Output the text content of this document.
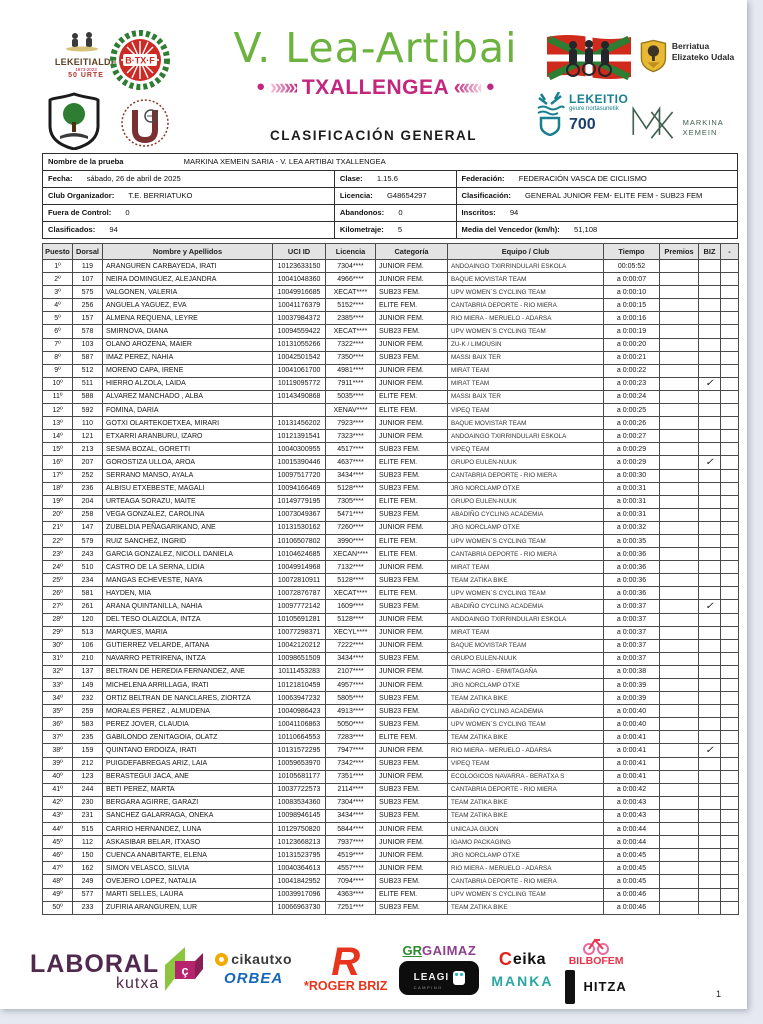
LEKEITIALDE
1973-2023
50 URTE
B·TX·F	V. Lea-Artibai
● »»» TXALLENGEA ««« ●
Berriatua Elizateko Udala
LEKEITIO
geure nortasunetik
700	MARKINA XEMEIN
CLASIFICACIÓN GENERAL
Nombre de la prueba MARKINA XEMEIN SARIA - V. LEA ARTIBAI TXALLENGEA		
Fecha: sábado, 26 de abril de 2025	Clase: 1.15.6	Federación: FEDERACIÓN VASCA DE CICLISMO
Club Organizador: T.E. BERRIATUKO	Licencia: G48654297	Clasificación: GENERAL JUNIOR FEM- ELITE FEM - SUB23 FEM
Fuera de Control: 0	Abandonos: 0	Inscritos: 94
Clasificados: 94	Kilometraje: 5	Media del Vencedor (km/h): 51,108
Puesto	Dorsal	Nombre y Apellidos	UCI ID	Licencia	Categoría	Equipo / Club	Tiempo	Premios	BIZ	-
1º	119	ARANGUREN CARBAYEDA, IRATI	10123633150	7304****	JUNIOR FEM.	ANDOAINGO TXIRRINDULARI ESKOLA	00:05:52			
2º	107	NEIRA DOMINGUEZ, ALEJANDRA	10041048360	4966****	JUNIOR FEM.	BAQUE MOVISTAR TEAM	a 0:00:07			
3º	575	VALGONEN, VALERIA	10049916685	XECAT****	SUB23 FEM.	UPV WOMEN´S CYCLING TEAM	a 0:00:10			
4º	256	ANGUELA YAGUEZ, EVA	10041176379	5152****	ELITE FEM.	CANTABRIA DEPORTE - RIO MIERA	a 0:00:15			
5º	157	ALMENA REQUENA, LEYRE	10037984372	2385****	JUNIOR FEM.	RIO MIERA - MERUELO - ADARSA	a 0:00:16			
6º	578	SMIRNOVA, DIANA	10094559422	XECAT****	SUB23 FEM.	UPV WOMEN´S CYCLING TEAM	a 0:00:19			
7º	103	OLANO AROZENA, MAIER	10131055266	7322****	JUNIOR FEM.	ZU-K / LIMOUSIN	a 0:00:20			
8º	587	IMAZ PEREZ, NAHIA	10042501542	7350****	SUB23 FEM.	MASSI BAIX TER	a 0:00:21			
9º	512	MORENO CAPA, IRENE	10041061700	4981****	JUNIOR FEM.	MIRAT TEAM	a 0:00:22			
10º	511	HIERRO ALZOLA, LAIDA	10119095772	7911****	JUNIOR FEM.	MIRAT TEAM	a 0:00:23		✓	
11º	588	ALVAREZ MANCHADO , ALBA	10143490868	5035****	ELITE FEM.	MASSI BAIX TER	a 0:00:24			
12º	592	FOMINA, DARIA		XENAV****	ELITE FEM.	VIPEQ TEAM	a 0:00:25			
13º	110	GOTXI OLARTEKOETXEA, MIRARI	10131456202	7923****	JUNIOR FEM.	BAQUE MOVISTAR TEAM	a 0:00:26			
14º	121	ETXARRI ARANBURU, IZARO	10121391541	7323****	JUNIOR FEM.	ANDOAINGO TXIRRINDULARI ESKOLA	a 0:00:27			
15º	213	SESMA BOZAL, GORETTI	10040300955	4517****	SUB23 FEM.	VIPEQ TEAM	a 0:00:29			
16º	207	GOROSTIZA ULLOA, AROA	10015390446	4637****	ELITE FEM.	GRUPO EULEN-NUUK	a 0:00:29		✓	
17º	252	SERRANO MANSO, AYALA	10097517720	3434****	SUB23 FEM.	CANTABRIA DEPORTE - RIO MIERA	a 0:00:30			
18º	236	ALBISU ETXEBESTE, MAGALI	10094166469	5128****	SUB23 FEM.	JRG NORCLAMP OTXE	a 0:00:31			
19º	204	URTEAGA SORAZU, MAITE	10149779195	7305****	ELITE FEM.	GRUPO EULEN-NUUK	a 0:00:31			
20º	258	VEGA GONZALEZ, CAROLINA	10073049367	5471****	SUB23 FEM.	ABADIÑO CYCLING ACADEMIA	a 0:00:31			
21º	147	ZUBELDIA PEÑAGARIKANO, ANE	10131530162	7260****	JUNIOR FEM.	JRG NORCLAMP OTXE	a 0:00:32			
22º	579	RUIZ SANCHEZ, INGRID	10106507802	3990****	ELITE FEM.	UPV WOMEN´S CYCLING TEAM	a 0:00:35			
23º	243	GARCIA GONZALEZ, NICOLL DANIELA	10104624685	XECAN****	ELITE FEM.	CANTABRIA DEPORTE - RIO MIERA	a 0:00:36			
24º	510	CASTRO DE LA SERNA, LIDIA	10049914968	7132****	JUNIOR FEM.	MIRAT TEAM	a 0:00:36			
25º	234	MANGAS ECHEVESTE, NAYA	10072810911	5128****	SUB23 FEM.	TEAM ZATIKA BIKE	a 0:00:36			
26º	581	HAYDEN, MIA	10072876787	XECAT****	ELITE FEM.	UPV WOMEN´S CYCLING TEAM	a 0:00:36			
27º	261	ARANA QUINTANILLA, NAHIA	10097772142	1609****	SUB23 FEM.	ABADIÑO CYCLING ACADEMIA	a 0:00:37		✓	
28º	120	DEL TESO OLAIZOLA, INTZA	10105691281	5128****	JUNIOR FEM.	ANDOAINGO TXIRRINDULARI ESKOLA	a 0:00:37			
29º	513	MARQUES, MARIA	10077298371	XECYL****	JUNIOR FEM.	MIRAT TEAM	a 0:00:37			
30º	106	GUTIERREZ VELARDE, AITANA	10042120212	7222****	JUNIOR FEM.	BAQUE MOVISTAR TEAM	a 0:00:37			
31º	210	NAVARRO PETRIRENA, INTZA	10098651509	3434****	SUB23 FEM.	GRUPO EULEN-NUUK	a 0:00:37			
32º	137	BELTRAN DE HEREDIA FERNANDEZ, ANE	10111453283	2107****	JUNIOR FEM.	TIMAC AGRO - ERMITAGAÑA	a 0:00:38			
33º	149	MICHELENA ARRILLAGA, IRATI	10121810459	4957****	JUNIOR FEM.	JRG NORCLAMP OTXE	a 0:00:39			
34º	232	ORTIZ BELTRAN DE NANCLARES, ZIORTZA	10063947232	5805****	SUB23 FEM.	TEAM ZATIKA BIKE	a 0:00:39			
35º	259	MORALES PEREZ , ALMUDENA	10040986423	4913****	SUB23 FEM.	ABADIÑO CYCLING ACADEMIA	a 0:00:40			
36º	583	PEREZ JOVER, CLAUDIA	10041106863	5050****	SUB23 FEM.	UPV WOMEN´S CYCLING TEAM	a 0:00:40			
37º	235	GABILONDO ZENITAGOIA, OLATZ	10110664553	7283****	ELITE FEM.	TEAM ZATIKA BIKE	a 0:00:41			
38º	159	QUINTANO ERDOIZA, IRATI	10131572295	7947****	JUNIOR FEM.	RIO MIERA - MERUELO - ADARSA	a 0:00:41		✓	
39º	212	PUIGDEFABREGAS ARIZ, LAIA	10059653970	7342****	SUB23 FEM.	VIPEQ TEAM	a 0:00:41			
40º	123	BERASTEGUI JACA, ANE	10105681177	7351****	JUNIOR FEM.	ECOLOGICOS NAVARRA - BERATXA S	a 0:00:41			
41º	244	BETI PEREZ, MARTA	10037722573	2114****	SUB23 FEM.	CANTABRIA DEPORTE - RIO MIERA	a 0:00:42			
42º	230	BERGARA AGIRRE, GARAZI	10083534360	7304****	SUB23 FEM.	TEAM ZATIKA BIKE	a 0:00:43			
43º	231	SANCHEZ GALARRAGA, ONEKA	10098946145	3434****	SUB23 FEM.	TEAM ZATIKA BIKE	a 0:00:43			
44º	515	CARRIO HERNANDEZ, LUNA	10129750820	5844****	JUNIOR FEM.	UNICAJA GIJON	a 0:00:44			
45º	112	ASKASIBAR BELAR, ITXASO	10123668213	7937****	JUNIOR FEM.	IGAMO PACKAGING	a 0:00:44			
46º	150	CUENCA ANABITARTE, ELENA	10131523795	4519****	JUNIOR FEM.	JRG NORCLAMP OTXE	a 0:00:45			
47º	162	SIMON VELASCO, SILVIA	10040364613	4557****	JUNIOR FEM.	RIO MIERA - MERUELO - ADARSA	a 0:00:45			
48º	249	OVEJERO LOPEZ, NATALIA	10041842952	7094****	SUB23 FEM.	CANTABRIA DEPORTE - RIO MIERA	a 0:00:45			
49º	577	MARTI SELLES, LAURA	10039917096	4363****	ELITE FEM.	UPV WOMEN´S CYCLING TEAM	a 0:00:46			
50º	233	ZUFIRIA ARANGUREN, LUR	10066963730	7251****	SUB23 FEM.	TEAM ZATIKA BIKE	a 0:00:46			
LABORAL
kutxa
ç
cikautxo
ORBEA R
*ROGER BRIZ
GRGAIMAZ
LEAGI
CAMPING
C eika
MANKA
BILBOFEM
HITZA	1
